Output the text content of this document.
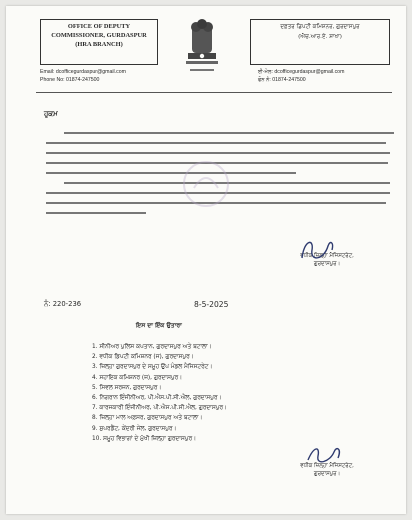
OFFICE OF DEPUTY
COMMISSIONER, GURDASPUR
(HRA BRANCH)
Email: dcofficegurdaspur@gmail.com
Phone No: 01874-247500
ਦਫ਼ਤਰ ਡਿਪਟੀ ਕਮਿਸ਼ਨਰ, ਗੁਰਦਾਸਪੁਰ
(ਐਚ.ਆਰ.ਏ. ਸ਼ਾਖਾ)
ਈ-ਮੇਲ: dcofficegurdaspur@gmail.com
ਫੋਨ ਨੰ: 01874-247500
ਹੁਕਮ
ਵਧੀਕ ਜ਼ਿਲ੍ਹਾ ਮੈਜਿਸਟਰੇਟ,
ਗੁਰਦਾਸਪੁਰ।
ਨੰ: 220-236	8-5-2025
ਇਸ ਦਾ ਇੱਕ ਉਤਾਰਾ
1. ਸੀਨੀਅਰ ਪੁਲਿਸ ਕਪਤਾਨ, ਗੁਰਦਾਸਪੁਰ ਅਤੇ ਬਟਾਲਾ।
2. ਵਧੀਕ ਡਿਪਟੀ ਕਮਿਸ਼ਨਰ (ਜ), ਗੁਰਦਾਸਪੁਰ।
3. ਜ਼ਿਲ੍ਹਾ ਗੁਰਦਾਸਪੁਰ ਦੇ ਸਮੂਹ ਉਪ ਮੰਡਲ ਮੈਜਿਸਟਰੇਟ।
4. ਸਹਾਇਕ ਕਮਿਸ਼ਨਰ (ਜ), ਗੁਰਦਾਸਪੁਰ।
5. ਸਿਵਲ ਸਰਜਨ, ਗੁਰਦਾਸਪੁਰ।
6. ਨਿਗਰਾਨ ਇੰਜੀਨੀਅਰ, ਪੀ.ਐਸ.ਪੀ.ਸੀ.ਐਲ, ਗੁਰਦਾਸਪੁਰ।
7. ਕਾਰਜਕਾਰੀ ਇੰਜੀਨੀਅਰ, ਪੀ.ਐਸ.ਪੀ.ਸੀ.ਐਲ, ਗੁਰਦਾਸਪੁਰ।
8. ਜ਼ਿਲ੍ਹਾ ਮਾਲ ਅਫ਼ਸਰ, ਗੁਰਦਾਸਪੁਰ ਅਤੇ ਬਟਾਲਾ।
9. ਸੁਪਰਡੈਂਟ, ਕੇਂਦਰੀ ਜੇਲ, ਗੁਰਦਾਸਪੁਰ।
10. ਸਮੂਹ ਵਿਭਾਗਾਂ ਦੇ ਮੁੱਖੀ ਜ਼ਿਲ੍ਹਾ ਗੁਰਦਾਸਪੁਰ।
ਵਧੀਕ ਜ਼ਿਲ੍ਹਾ ਮੈਜਿਸਟਰੇਟ,
ਗੁਰਦਾਸਪੁਰ।
